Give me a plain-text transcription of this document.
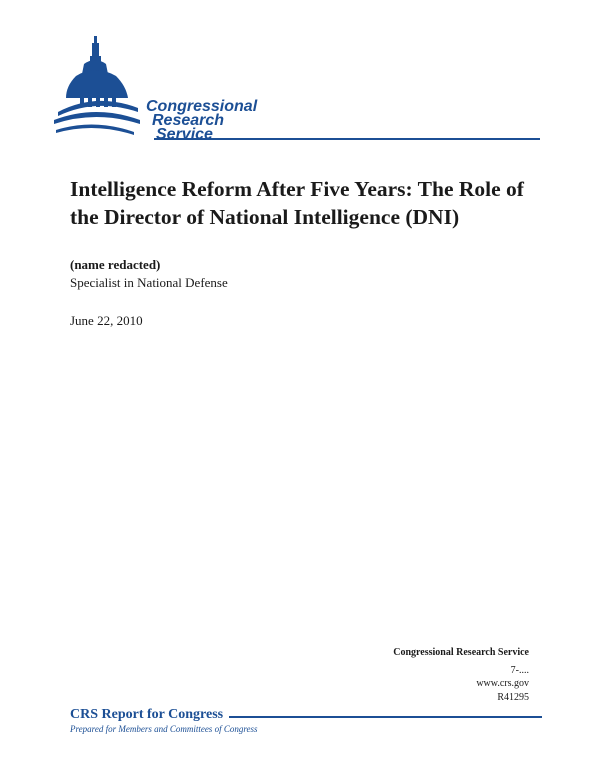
Congressional
Research
Service
Intelligence Reform After Five Years: The Role of the Director of National Intelligence (DNI)
(name redacted)
Specialist in National Defense
June 22, 2010
Congressional Research Service
7-....
www.crs.gov
R41295
CRS Report for Congress
Prepared for Members and Committees of Congress
